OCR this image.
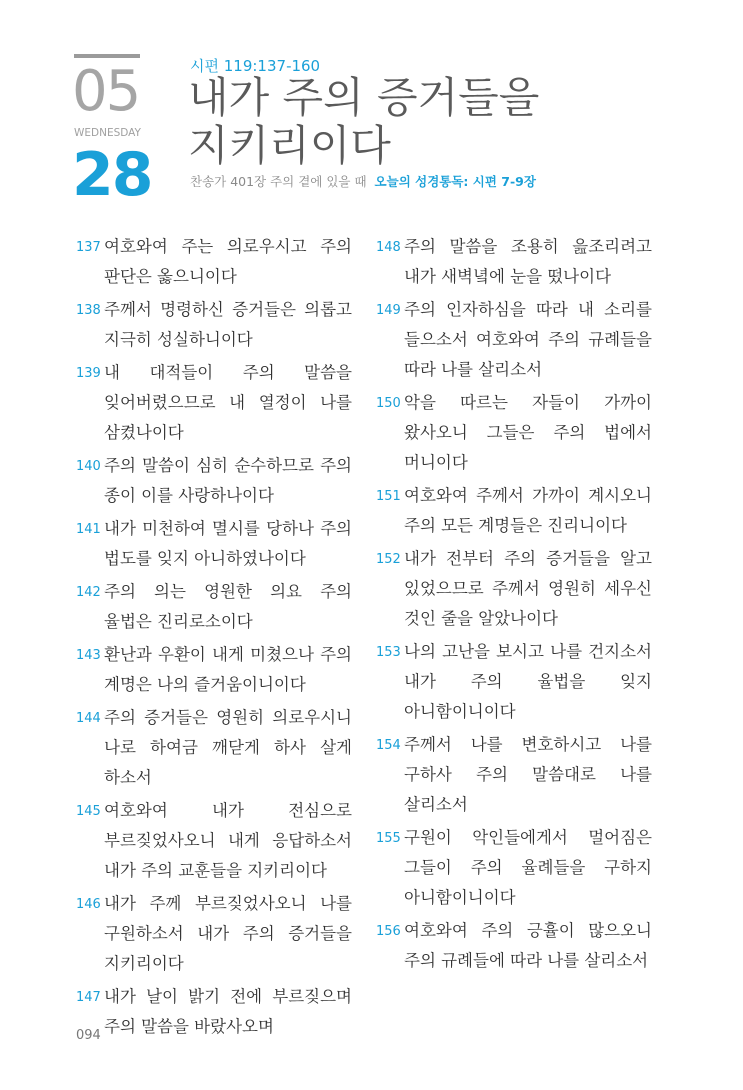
05
WEDNESDAY
28
시편 119:137-160
내가 주의 증거들을
지키리이다
찬송가 401장 주의 곁에 있을 때 오늘의 성경통독: 시편 7-9장
137 여호와여 주는 의로우시고 주의 판단은 옳으니이다
138 주께서 명령하신 증거들은 의롭고 지극히 성실하니이다
139 내 대적들이 주의 말씀을 잊어버렸으므로 내 열정이 나를 삼켰나이다
140 주의 말씀이 심히 순수하므로 주의 종이 이를 사랑하나이다
141 내가 미천하여 멸시를 당하나 주의 법도를 잊지 아니하였나이다
142 주의 의는 영원한 의요 주의 율법은 진리로소이다
143 환난과 우환이 내게 미쳤으나 주의 계명은 나의 즐거움이니이다
144 주의 증거들은 영원히 의로우시니 나로 하여금 깨닫게 하사 살게 하소서
145 여호와여 내가 전심으로 부르짖었사오니 내게 응답하소서 내가 주의 교훈들을 지키리이다
146 내가 주께 부르짖었사오니 나를 구원하소서 내가 주의 증거들을 지키리이다
147 내가 날이 밝기 전에 부르짖으며 주의 말씀을 바랐사오며
148 주의 말씀을 조용히 읊조리려고 내가 새벽녘에 눈을 떴나이다
149 주의 인자하심을 따라 내 소리를 들으소서 여호와여 주의 규례들을 따라 나를 살리소서
150 악을 따르는 자들이 가까이 왔사오니 그들은 주의 법에서 머니이다
151 여호와여 주께서 가까이 계시오니 주의 모든 계명들은 진리니이다
152 내가 전부터 주의 증거들을 알고 있었으므로 주께서 영원히 세우신 것인 줄을 알았나이다
153 나의 고난을 보시고 나를 건지소서 내가 주의 율법을 잊지 아니함이니이다
154 주께서 나를 변호하시고 나를 구하사 주의 말씀대로 나를 살리소서
155 구원이 악인들에게서 멀어짐은 그들이 주의 율례들을 구하지 아니함이니이다
156 여호와여 주의 긍휼이 많으오니 주의 규례들에 따라 나를 살리소서
094
